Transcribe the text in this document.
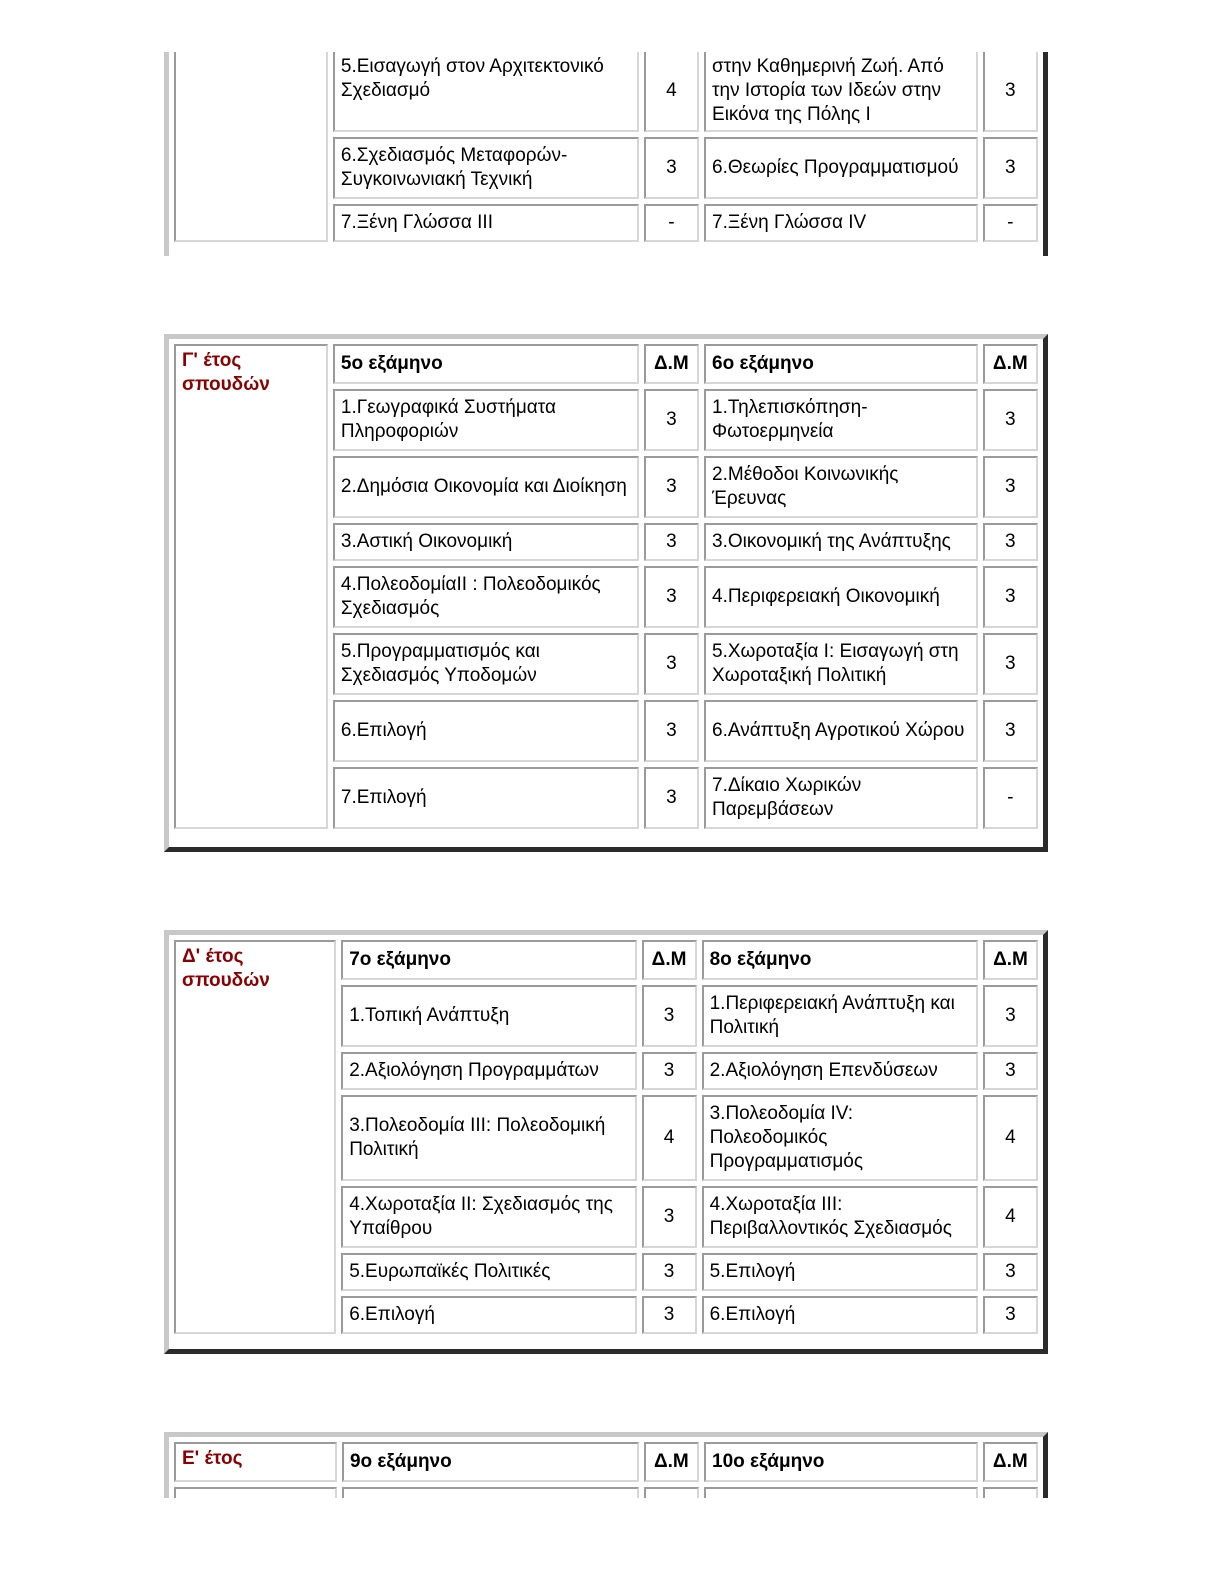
	5.Εισαγωγή στον Αρχιτεκτονικό Σχεδιασμό	4	στην Καθημερινή Ζωή. Από την Ιστορία των Ιδεών στην Εικόνα της Πόλης Ι	3
	6.Σχεδιασμός Μεταφορών-Συγκοινωνιακή Τεχνική	3	6.Θεωρίες Προγραμματισμού	3
	7.Ξένη Γλώσσα ΙΙΙ	-	7.Ξένη Γλώσσα ΙV	-
Γ' έτος σπουδών	5ο εξάμηνο	Δ.Μ	6ο εξάμηνο	Δ.Μ
	1.Γεωγραφικά Συστήματα Πληροφοριών	3	1.Τηλεπισκόπηση-Φωτοερμηνεία	3
	2.Δημόσια Οικονομία και Διοίκηση	3	2.Μέθοδοι Κοινωνικής Έρευνας	3
	3.Αστική Οικονομική	3	3.Οικονομική της Ανάπτυξης	3
	4.ΠολεοδομίαΙΙ : Πολεοδομικός Σχεδιασμός	3	4.Περιφερειακή Οικονομική	3
	5.Προγραμματισμός και Σχεδιασμός Υποδομών	3	5.Χωροταξία Ι: Εισαγωγή στη Χωροταξική Πολιτική	3
	6.Επιλογή	3	6.Ανάπτυξη Αγροτικού Χώρου	3
	7.Επιλογή	3	7.Δίκαιο Χωρικών Παρεμβάσεων	-
Δ' έτος σπουδών	7ο εξάμηνο	Δ.Μ	8ο εξάμηνο	Δ.Μ
	1.Τοπική Ανάπτυξη	3	1.Περιφερειακή Ανάπτυξη και Πολιτική	3
	2.Αξιολόγηση Προγραμμάτων	3	2.Αξιολόγηση Επενδύσεων	3
	3.Πολεοδομία ΙΙΙ: Πολεοδομική Πολιτική	4	3.Πολεοδομία ΙV: Πολεοδομικός Προγραμματισμός	4
	4.Χωροταξία ΙΙ: Σχεδιασμός της Υπαίθρου	3	4.Χωροταξία ΙΙΙ: Περιβαλλοντικός Σχεδιασμός	4
	5.Ευρωπαϊκές Πολιτικές	3	5.Επιλογή	3
	6.Επιλογή	3	6.Επιλογή	3
Ε' έτος	9ο εξάμηνο	Δ.Μ	10ο εξάμηνο	Δ.Μ
